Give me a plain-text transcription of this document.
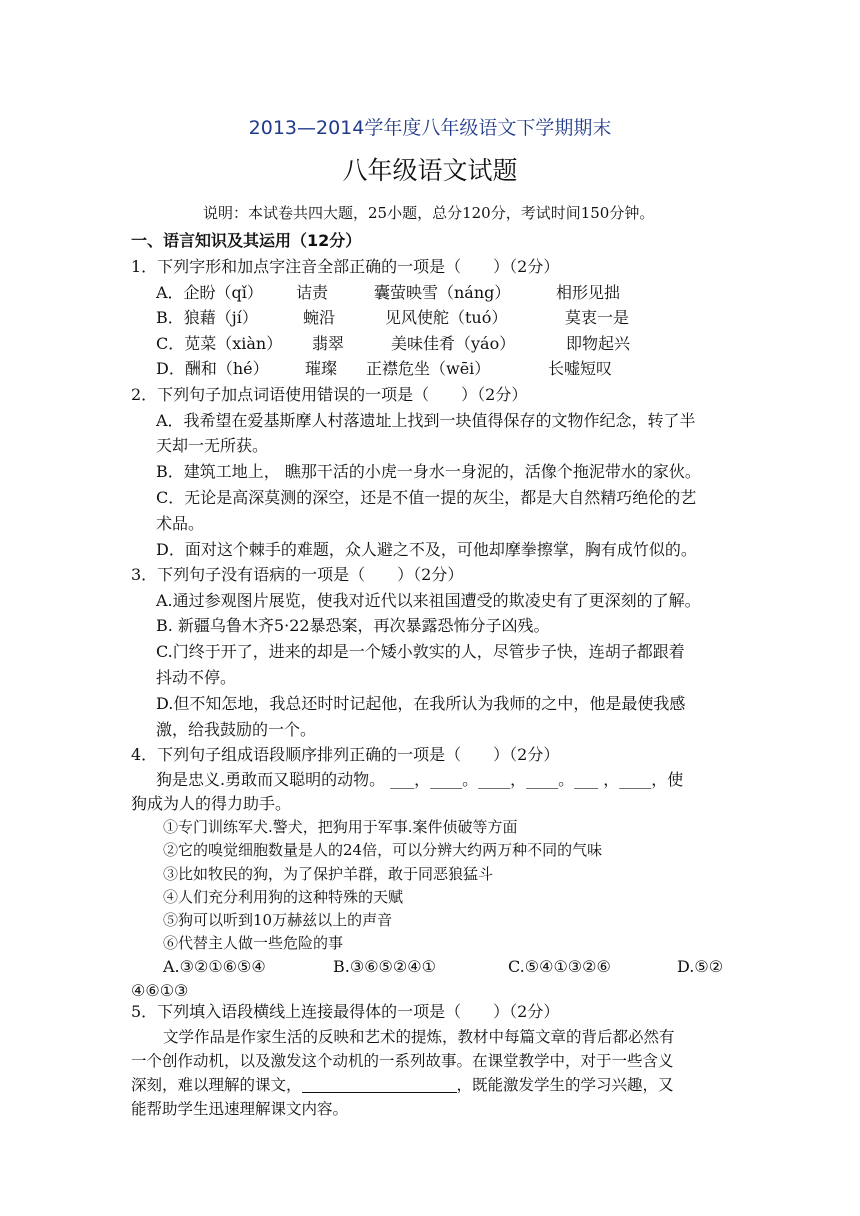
2013—2014学年度八年级语文下学期期末
八年级语文试题
说明：本试卷共四大题，25小题，总分120分，考试时间150分钟。
一、语言知识及其运用（12分）
1．下列字形和加点字注音全部正确的一项是（　　）（2分）
A．企盼（qǐ） 诘责	囊萤映雪（náng）	相形见拙
B．狼藉（jí）	蜿沿	见风使舵（tuó）	莫衷一是
C．苋菜（xiàn） 翡翠	美味佳肴（yáo）	即物起兴
D．酬和（hé） 璀璨 正襟危坐（wēi）	长嘘短叹
2．下列句子加点词语使用错误的一项是（　　）（2分）
A．我希望在爱基斯摩人村落遗址上找到一块值得保存的文物作纪念，转了半
天却一无所获。
B．建筑工地上， 瞧那干活的小虎一身水一身泥的，活像个拖泥带水的家伙。
C．无论是高深莫测的深空，还是不值一提的灰尘，都是大自然精巧绝伦的艺
术品。
D．面对这个棘手的难题，众人避之不及，可他却摩拳擦掌，胸有成竹似的。
3．下列句子没有语病的一项是（　　）（2分）
A.通过参观图片展览，使我对近代以来祖国遭受的欺凌史有了更深刻的了解。
B. 新疆乌鲁木齐5·22暴恐案，再次暴露恐怖分子凶残。
C.门终于开了，进来的却是一个矮小敦实的人，尽管步子快，连胡子都跟着
抖动不停。
D.但不知怎地，我总还时时记起他，在我所认为我师的之中，他是最使我感
激，给我鼓励的一个。
4．下列句子组成语段顺序排列正确的一项是（　　）（2分）
狗是忠义.勇敢而又聪明的动物。 ___，____。____，____。___ ，____，使
狗成为人的得力助手。
①专门训练军犬.警犬，把狗用于军事.案件侦破等方面
②它的嗅觉细胞数量是人的24倍，可以分辨大约两万种不同的气味
③比如牧民的狗，为了保护羊群，敢于同恶狼猛斗
④人们充分利用狗的这种特殊的天赋
⑤狗可以听到10万赫兹以上的声音
⑥代替主人做一些危险的事
A.③②①⑥⑤④	B.③⑥⑤②④①	C.⑤④①③②⑥	D.⑤②
④⑥①③
5．下列填入语段横线上连接最得体的一项是（　　）（2分）
文学作品是作家生活的反映和艺术的提炼，教材中每篇文章的背后都必然有
一个创作动机，以及激发这个动机的一系列故事。在课堂教学中，对于一些含义
深刻，难以理解的课文，	，既能激发学生的学习兴趣，又
能帮助学生迅速理解课文内容。
